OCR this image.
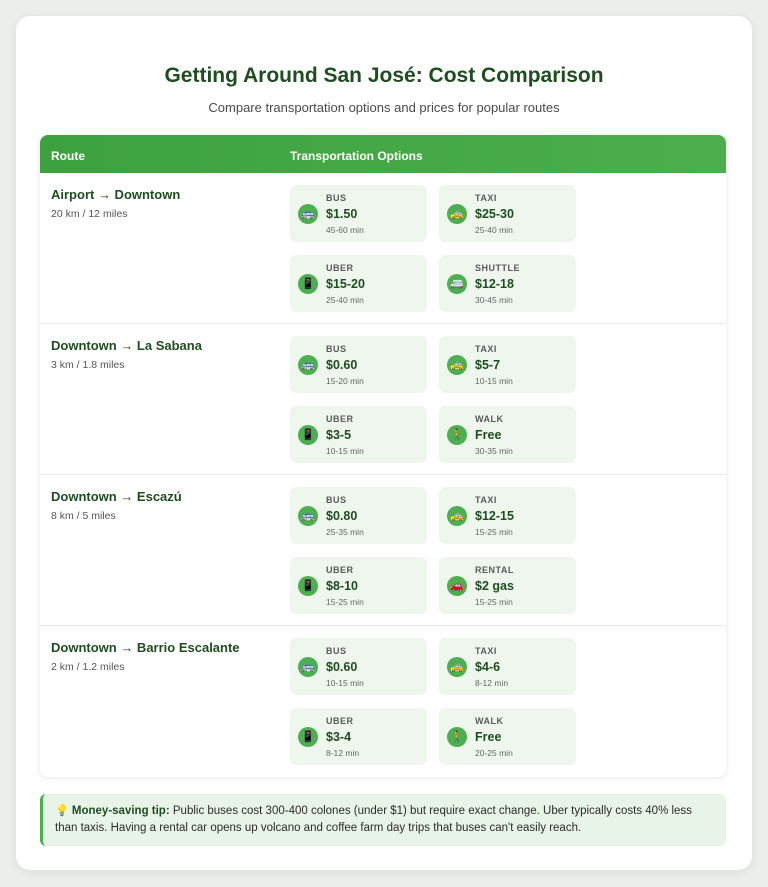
Getting Around San José: Cost Comparison
Compare transportation options and prices for popular routes
Route	Transportation Options
Airport → Downtown
20 km / 12 miles	🚌
BUS
$1.50
45-60 min
🚕
TAXI
$25-30
25-40 min
📱
UBER
$15-20
25-40 min
🚐
SHUTTLE
$12-18
30-45 min
Downtown → La Sabana
3 km / 1.8 miles	🚌
BUS
$0.60
15-20 min
🚕
TAXI
$5-7
10-15 min
📱
UBER
$3-5
10-15 min
🚶
WALK
Free
30-35 min
Downtown → Escazú
8 km / 5 miles	🚌
BUS
$0.80
25-35 min
🚕
TAXI
$12-15
15-25 min
📱
UBER
$8-10
15-25 min
🚗
RENTAL
$2 gas
15-25 min
Downtown → Barrio Escalante
2 km / 1.2 miles	🚌
BUS
$0.60
10-15 min
🚕
TAXI
$4-6
8-12 min
📱
UBER
$3-4
8-12 min
🚶
WALK
Free
20-25 min
💡 Money-saving tip: Public buses cost 300-400 colones (under $1) but require exact change. Uber typically costs 40% less than taxis. Having a rental car opens up volcano and coffee farm day trips that buses can't easily reach.
